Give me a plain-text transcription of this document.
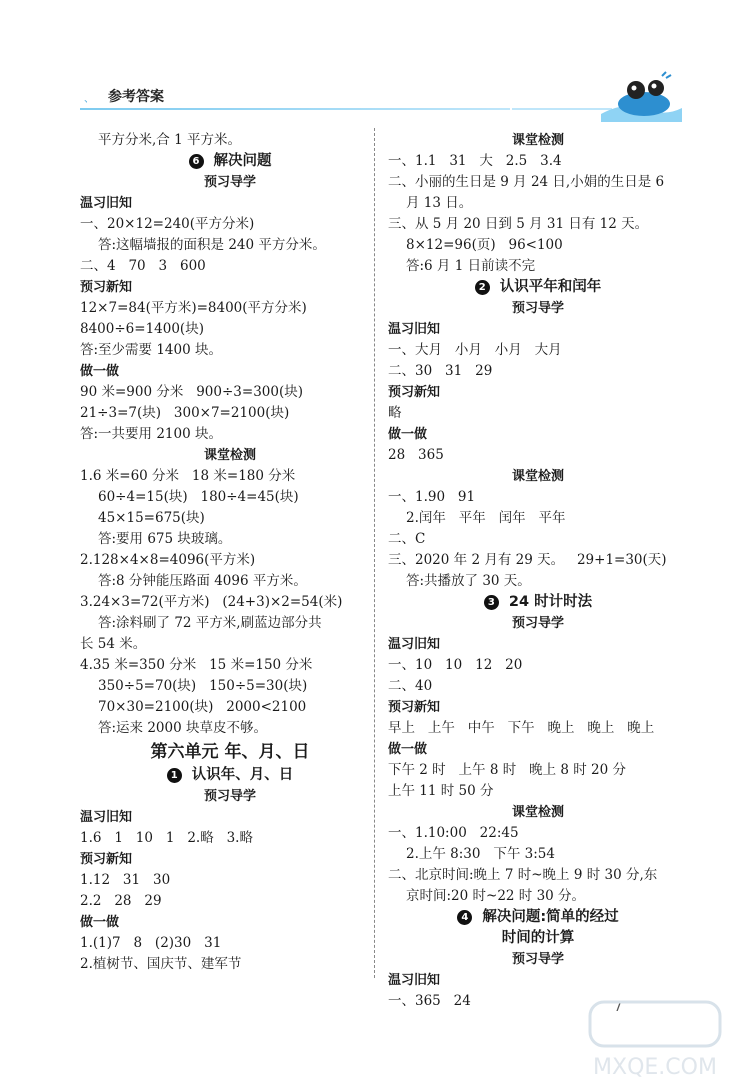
、 参考答案
平方分米,合 1 平方米。
6 解决问题
预习导学
温习旧知
一、20×12=240(平方分米)
答:这幅墙报的面积是 240 平方分米。
二、4   70   3   600
预习新知
12×7=84(平方米)=8400(平方分米)
8400÷6=1400(块)
答:至少需要 1400 块。
做一做
90 米=900 分米   900÷3=300(块)
21÷3=7(块)   300×7=2100(块)
答:一共要用 2100 块。
课堂检测
1.6 米=60 分米   18 米=180 分米
60÷4=15(块)   180÷4=45(块)
45×15=675(块)
答:要用 675 块玻璃。
2.128×4×8=4096(平方米)
答:8 分钟能压路面 4096 平方米。
3.24×3=72(平方米)   (24+3)×2=54(米)
答:涂料刷了 72 平方米,刷蓝边部分共
长 54 米。
4.35 米=350 分米   15 米=150 分米
350÷5=70(块)   150÷5=30(块)
70×30=2100(块)   2000<2100
答:运来 2000 块草皮不够。
第六单元 年、月、日
1 认识年、月、日
预习导学
温习旧知
1.6   1   10   1   2.略   3.略
预习新知
1.12   31   30
2.2   28   29
做一做
1.(1)7   8   (2)30   31
2.植树节、国庆节、建军节
课堂检测
一、1.1   31   大   2.5   3.4
二、小丽的生日是 9 月 24 日,小娟的生日是 6
月 13 日。
三、从 5 月 20 日到 5 月 31 日有 12 天。
8×12=96(页)   96<100
答:6 月 1 日前读不完
2 认识平年和闰年
预习导学
温习旧知
一、大月   小月   小月   大月
二、30   31   29
预习新知
略
做一做
28   365
课堂检测
一、1.90   91
2.闰年   平年   闰年   平年
二、C
三、2020 年 2 月有 29 天。   29+1=30(天)
答:共播放了 30 天。
3 24 时计时法
预习导学
温习旧知
一、10   10   12   20
二、40
预习新知
早上   上午   中午   下午   晚上   晚上   晚上
做一做
下午 2 时   上午 8 时   晚上 8 时 20 分
上午 11 时 50 分
课堂检测
一、1.10:00   22:45
2.上午 8:30   下午 3:54
二、北京时间:晚上 7 时~晚上 9 时 30 分,东
京时间:20 时~22 时 30 分。
4 解决问题:简单的经过
时间的计算
预习导学
温习旧知
一、365   24	7
MXQE.COM
